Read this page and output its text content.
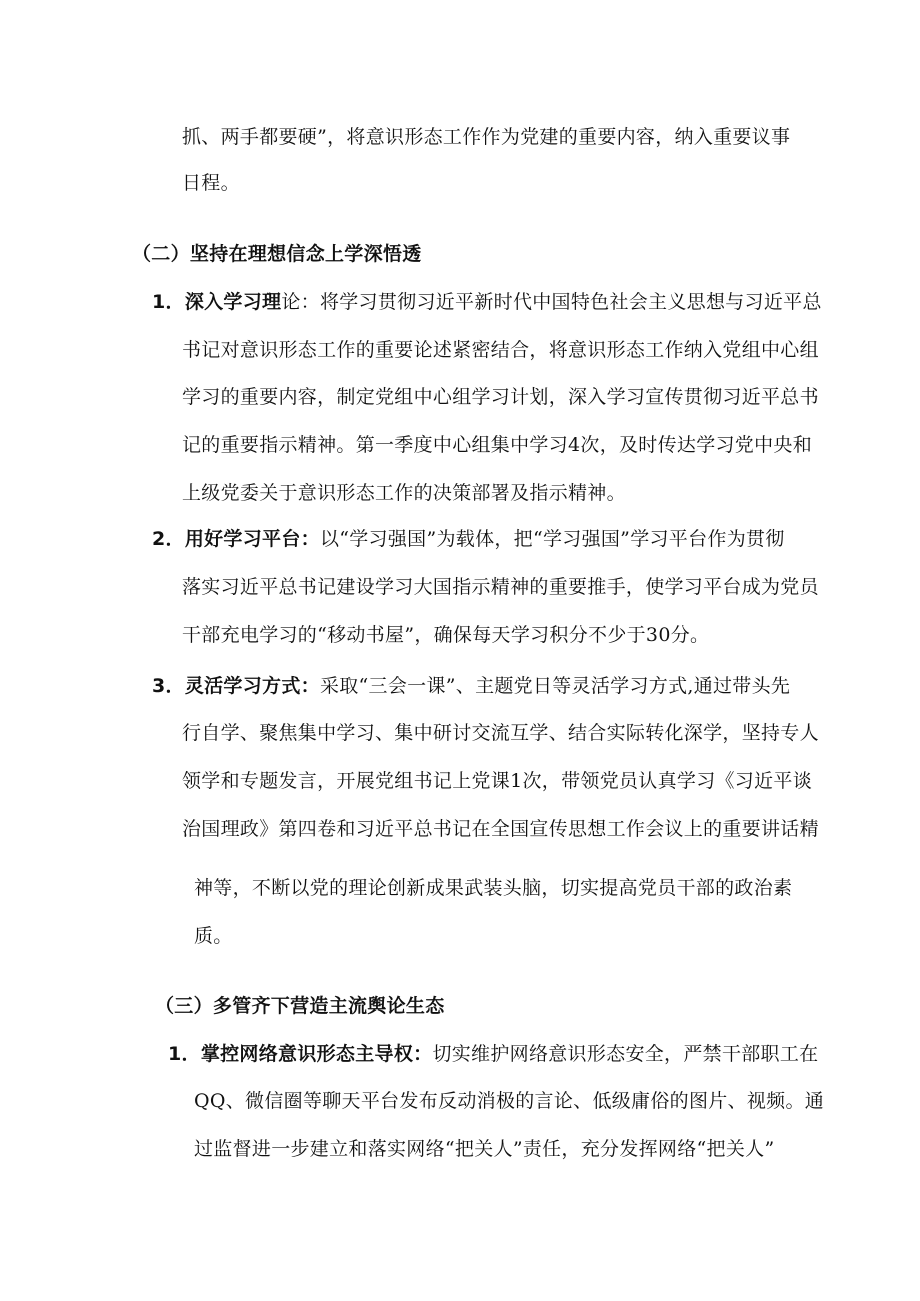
抓、两手都要硬”，将意识形态工作作为党建的重要内容，纳入重要议事
日程。
（二）坚持在理想信念上学深悟透
1．深入学习理论：将学习贯彻习近平新时代中国特色社会主义思想与习近平总
书记对意识形态工作的重要论述紧密结合，将意识形态工作纳入党组中心组
学习的重要内容，制定党组中心组学习计划，深入学习宣传贯彻习近平总书
记的重要指示精神。第一季度中心组集中学习4次，及时传达学习党中央和
上级党委关于意识形态工作的决策部署及指示精神。
2．用好学习平台：以“学习强国”为载体，把“学习强国”学习平台作为贯彻
落实习近平总书记建设学习大国指示精神的重要推手，使学习平台成为党员
干部充电学习的“移动书屋”，确保每天学习积分不少于30分。
3．灵活学习方式：采取“三会一课”、主题党日等灵活学习方式,通过带头先
行自学、聚焦集中学习、集中研讨交流互学、结合实际转化深学，坚持专人
领学和专题发言，开展党组书记上党课1次，带领党员认真学习《习近平谈
治国理政》第四卷和习近平总书记在全国宣传思想工作会议上的重要讲话精
神等，不断以党的理论创新成果武装头脑，切实提高党员干部的政治素
质。
（三）多管齐下营造主流舆论生态
1．掌控网络意识形态主导权：切实维护网络意识形态安全，严禁干部职工在
QQ、微信圈等聊天平台发布反动消极的言论、低级庸俗的图片、视频。通
过监督进一步建立和落实网络“把关人”责任，充分发挥网络“把关人”
